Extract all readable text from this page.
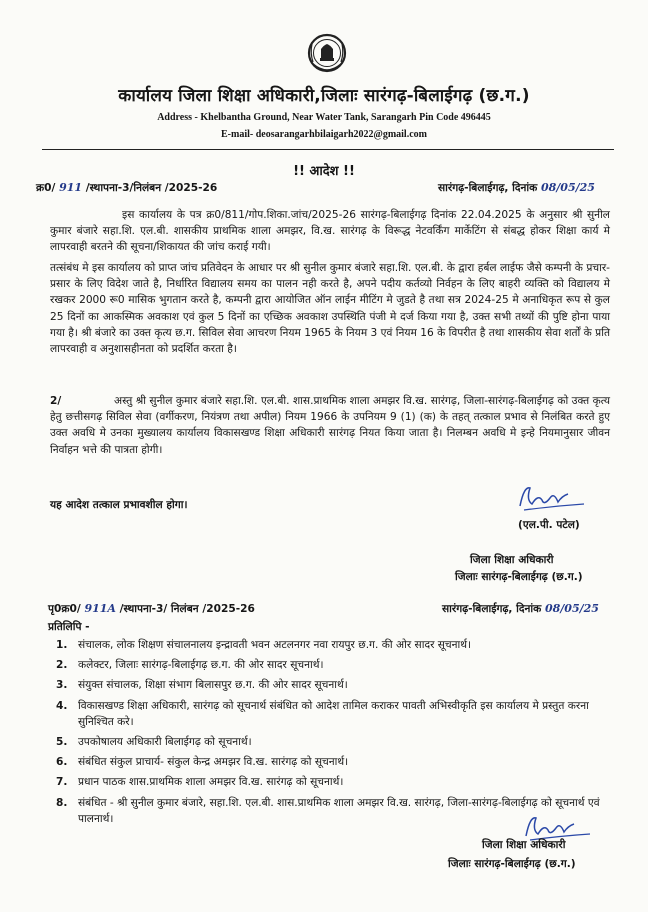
कार्यालय जिला शिक्षा अधिकारी,जिलाः सारंगढ़-बिलाईगढ़ (छ.ग.)
Address - Khelbantha Ground, Near Water Tank, Sarangarh Pin Code 496445
E-mail- deosarangarhbilaigarh2022@gmail.com
!! आदेश !!
क्र0/ 911 /स्थापना-3/निलंबन /2025-26	सारंगढ़-बिलाईगढ़, दिनांक 08/05/25
इस कार्यालय के पत्र क्र0/811/गोप.शिका.जांच/2025-26 सारंगढ़-बिलाईगढ़ दिनांक 22.04.2025 के अनुसार श्री सुनील कुमार बंजारे सहा.शि. एल.बी. शासकीय प्राथमिक शाला अमझर, वि.ख. सारंगढ़ के विरूद्ध नेटवर्किंग मार्केटिंग से संबद्ध होकर शिक्षा कार्य मे लापरवाही बरतने की सूचना/शिकायत की जांच कराई गयी।
तत्संबंध मे इस कार्यालय को प्राप्त जांच प्रतिवेदन के आधार पर श्री सुनील कुमार बंजारे सहा.शि. एल.बी. के द्वारा हर्बल लाईफ जैसे कम्पनी के प्रचार-प्रसार के लिए विदेश जाते है, निर्धारित विद्यालय समय का पालन नही करते है, अपने पदीय कर्तव्यो निर्वहन के लिए बाहरी व्यक्ति को विद्यालय मे रखकर 2000 रू0 मासिक भुगतान करते है, कम्पनी द्वारा आयोजित ऑन लाईन मीटिंग मे जुडते है तथा सत्र 2024-25 मे अनाधिकृत रूप से कुल 25 दिनों का आकस्मिक अवकाश एवं कुल 5 दिनों का एच्छिक अवकाश उपस्थिति पंजी मे दर्ज किया गया है, उक्त सभी तथ्यों की पुष्टि होना पाया गया है। श्री बंजारे का उक्त कृत्य छ.ग. सिविल सेवा आचरण नियम 1965 के नियम 3 एवं नियम 16 के विपरीत है तथा शासकीय सेवा शर्तों के प्रति लापरवाही व अनुशासहीनता को प्रदर्शित करता है।
2/	अस्तु श्री सुनील कुमार बंजारे सहा.शि. एल.बी. शास.प्राथमिक शाला अमझर वि.ख. सारंगढ़, जिला-सारंगढ़-बिलाईगढ़ को उक्त कृत्य हेतु छत्तीसगढ़ सिविल सेवा (वर्गीकरण, नियंत्रण तथा अपील) नियम 1966 के उपनियम 9 (1) (क) के तहत् तत्काल प्रभाव से निलंबित करते हुए उक्त अवधि मे उनका मुख्यालय कार्यालय विकासखण्ड शिक्षा अधिकारी सारंगढ़ नियत किया जाता है। निलम्बन अवधि मे इन्हे नियमानुसार जीवन निर्वाहन भत्ते की पात्रता होगी।
यह आदेश तत्काल प्रभावशील होगा।
(एल.पी. पटेल)
जिला शिक्षा अधिकारी
जिलाः सारंगढ़-बिलाईगढ़ (छ.ग.)
पृ0क्र0/ 911A /स्थापना-3/ निलंबन /2025-26	सारंगढ़-बिलाईगढ़, दिनांक 08/05/25
प्रतिलिपि -
1. संचालक, लोक शिक्षण संचालनालय इन्द्रावती भवन अटलनगर नवा रायपुर छ.ग. की ओर सादर सूचनार्थ।
2. कलेक्टर, जिलाः सारंगढ़-बिलाईगढ़ छ.ग. की ओर सादर सूचनार्थ।
3. संयुक्त संचालक, शिक्षा संभाग बिलासपुर छ.ग. की ओर सादर सूचनार्थ।
4. विकासखण्ड शिक्षा अधिकारी, सारंगढ़ को सूचनार्थ संबंधित को आदेश तामिल कराकर पावती अभिस्वीकृति इस कार्यालय मे प्रस्तुत करना सुनिश्चित करे।
5. उपकोषालय अधिकारी बिलाईगढ़ को सूचनार्थ।
6. संबंधित संकुल प्राचार्य- संकुल केन्द्र अमझर वि.ख. सारंगढ़ को सूचनार्थ।
7. प्रधान पाठक शास.प्राथमिक शाला अमझर वि.ख. सारंगढ़ को सूचनार्थ।
8. संबंधित - श्री सुनील कुमार बंजारे, सहा.शि. एल.बी. शास.प्राथमिक शाला अमझर वि.ख. सारंगढ़, जिला-सारंगढ़-बिलाईगढ़ को सूचनार्थ एवं पालनार्थ।
जिला शिक्षा अधिकारी
जिलाः सारंगढ़-बिलाईगढ़ (छ.ग.)
